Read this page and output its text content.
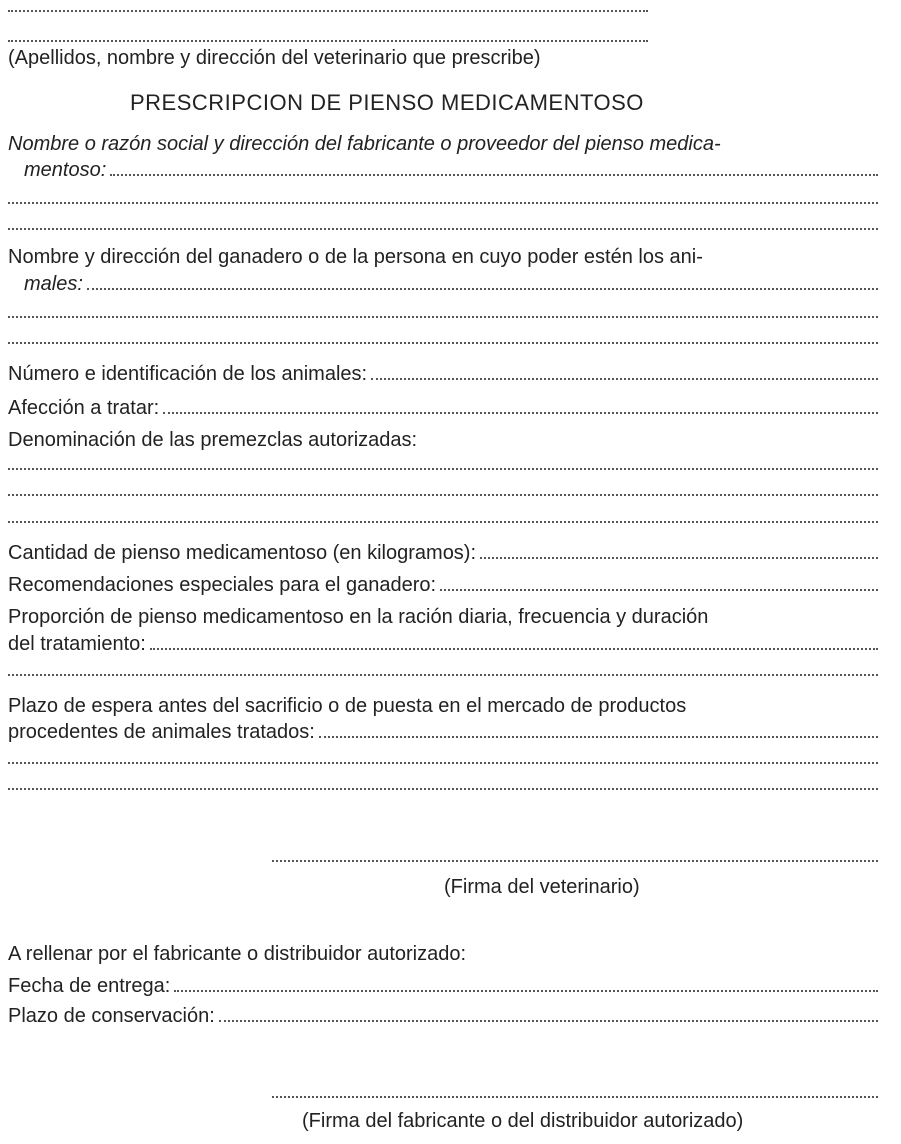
(Apellidos, nombre y dirección del veterinario que prescribe)
PRESCRIPCION DE PIENSO MEDICAMENTOSO
Nombre o razón social y dirección del fabricante o proveedor del pienso medica-
mentoso:
Nombre y dirección del ganadero o de la persona en cuyo poder estén los ani-
males:
Número e identificación de los animales:
Afección a tratar:
Denominación de las premezclas autorizadas:
Cantidad de pienso medicamentoso (en kilogramos):
Recomendaciones especiales para el ganadero:
Proporción de pienso medicamentoso en la ración diaria, frecuencia y duración
del tratamiento:
Plazo de espera antes del sacrificio o de puesta en el mercado de productos
procedentes de animales tratados:
(Firma del veterinario)
A rellenar por el fabricante o distribuidor autorizado:
Fecha de entrega:
Plazo de conservación:
(Firma del fabricante o del distribuidor autorizado)
